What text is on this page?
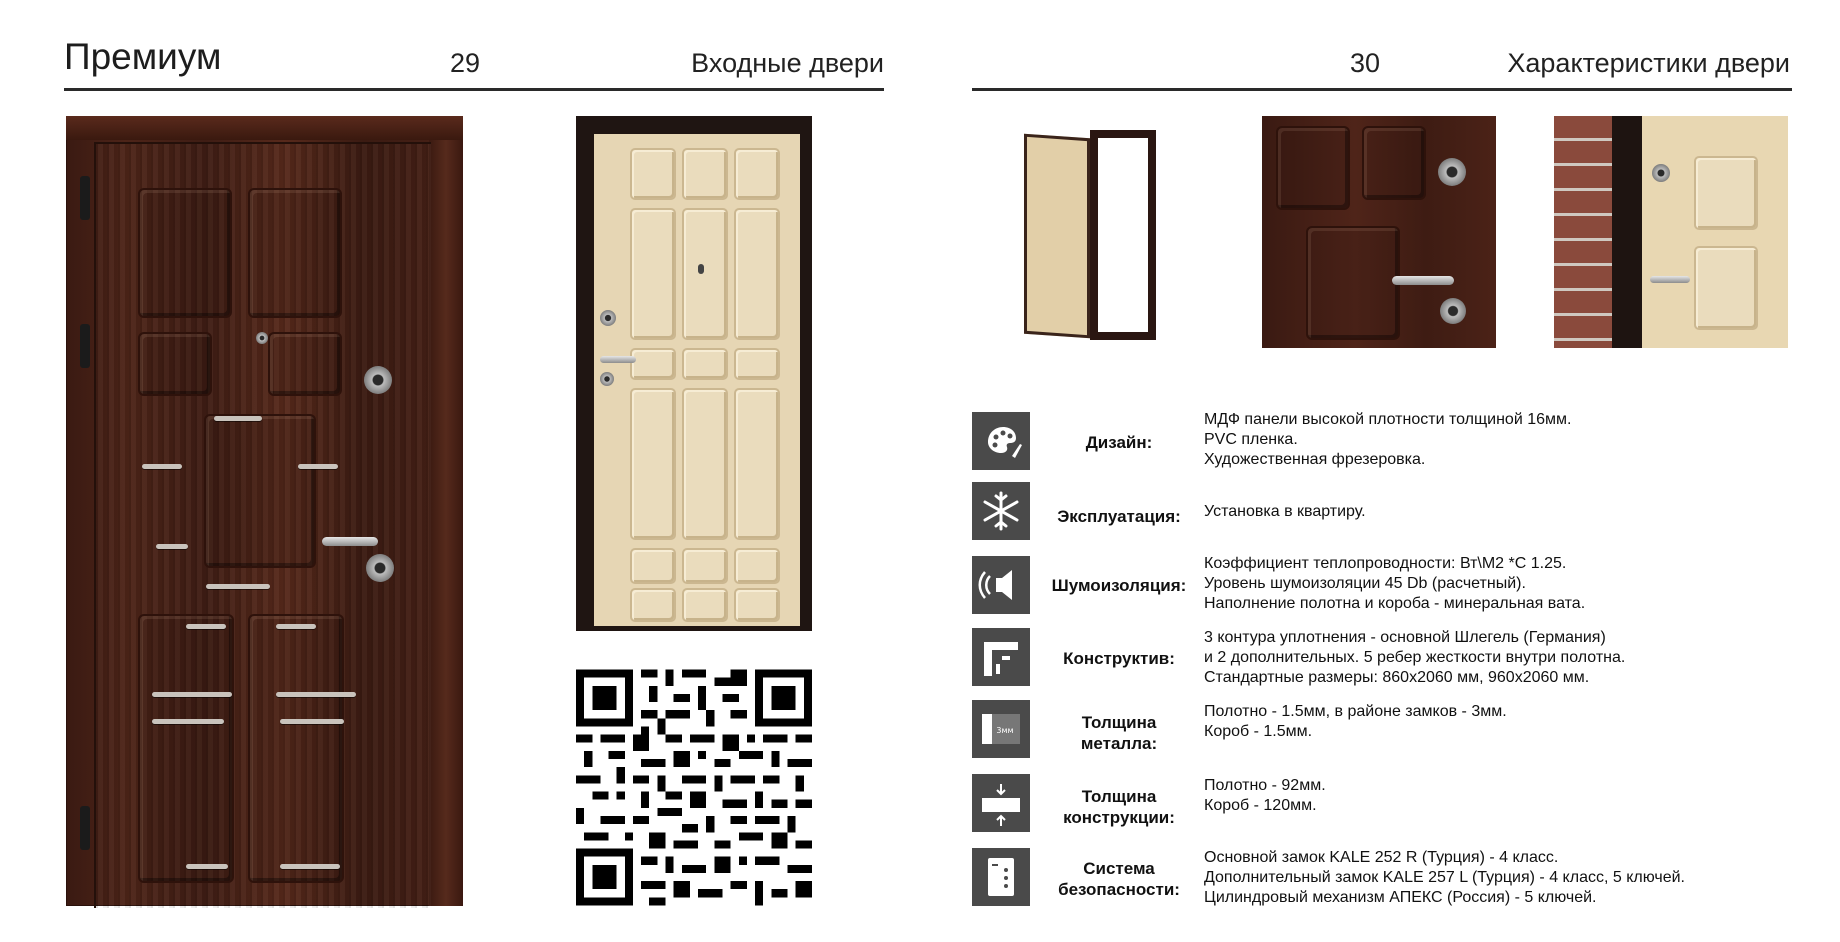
Премиум	29	Входные двери	30	Характеристики двери
Дизайн:
МДФ панели высокой плотности толщиной 16мм.
PVC пленка.
Художественная фрезеровка.
Эксплуатация:	Установка в квартиру.
Шумоизоляция:
Коэффициент теплопроводности: Вт\М2 *С 1.25.
Уровень шумоизоляции 45 Db (расчетный).
Наполнение полотна и короба - минеральная вата.
Конструктив:
3 контура уплотнения - основной Шлегель (Германия)
и 2 дополнительных. 5 ребер жесткости внутри полотна.
Стандартные размеры: 860х2060 мм, 960х2060 мм.
3мм	Толщина
металла:
Полотно - 1.5мм, в районе замков - 3мм.
Короб - 1.5мм.
Толщина
конструкции:
Полотно - 92мм.
Короб - 120мм.
Система
безопасности:
Основной замок KALE 252 R (Турция) - 4 класс.
Дополнительный замок KALE 257 L (Турция) - 4 класс, 5 ключей.
Цилиндровый механизм АПЕКС (Россия) - 5 ключей.
